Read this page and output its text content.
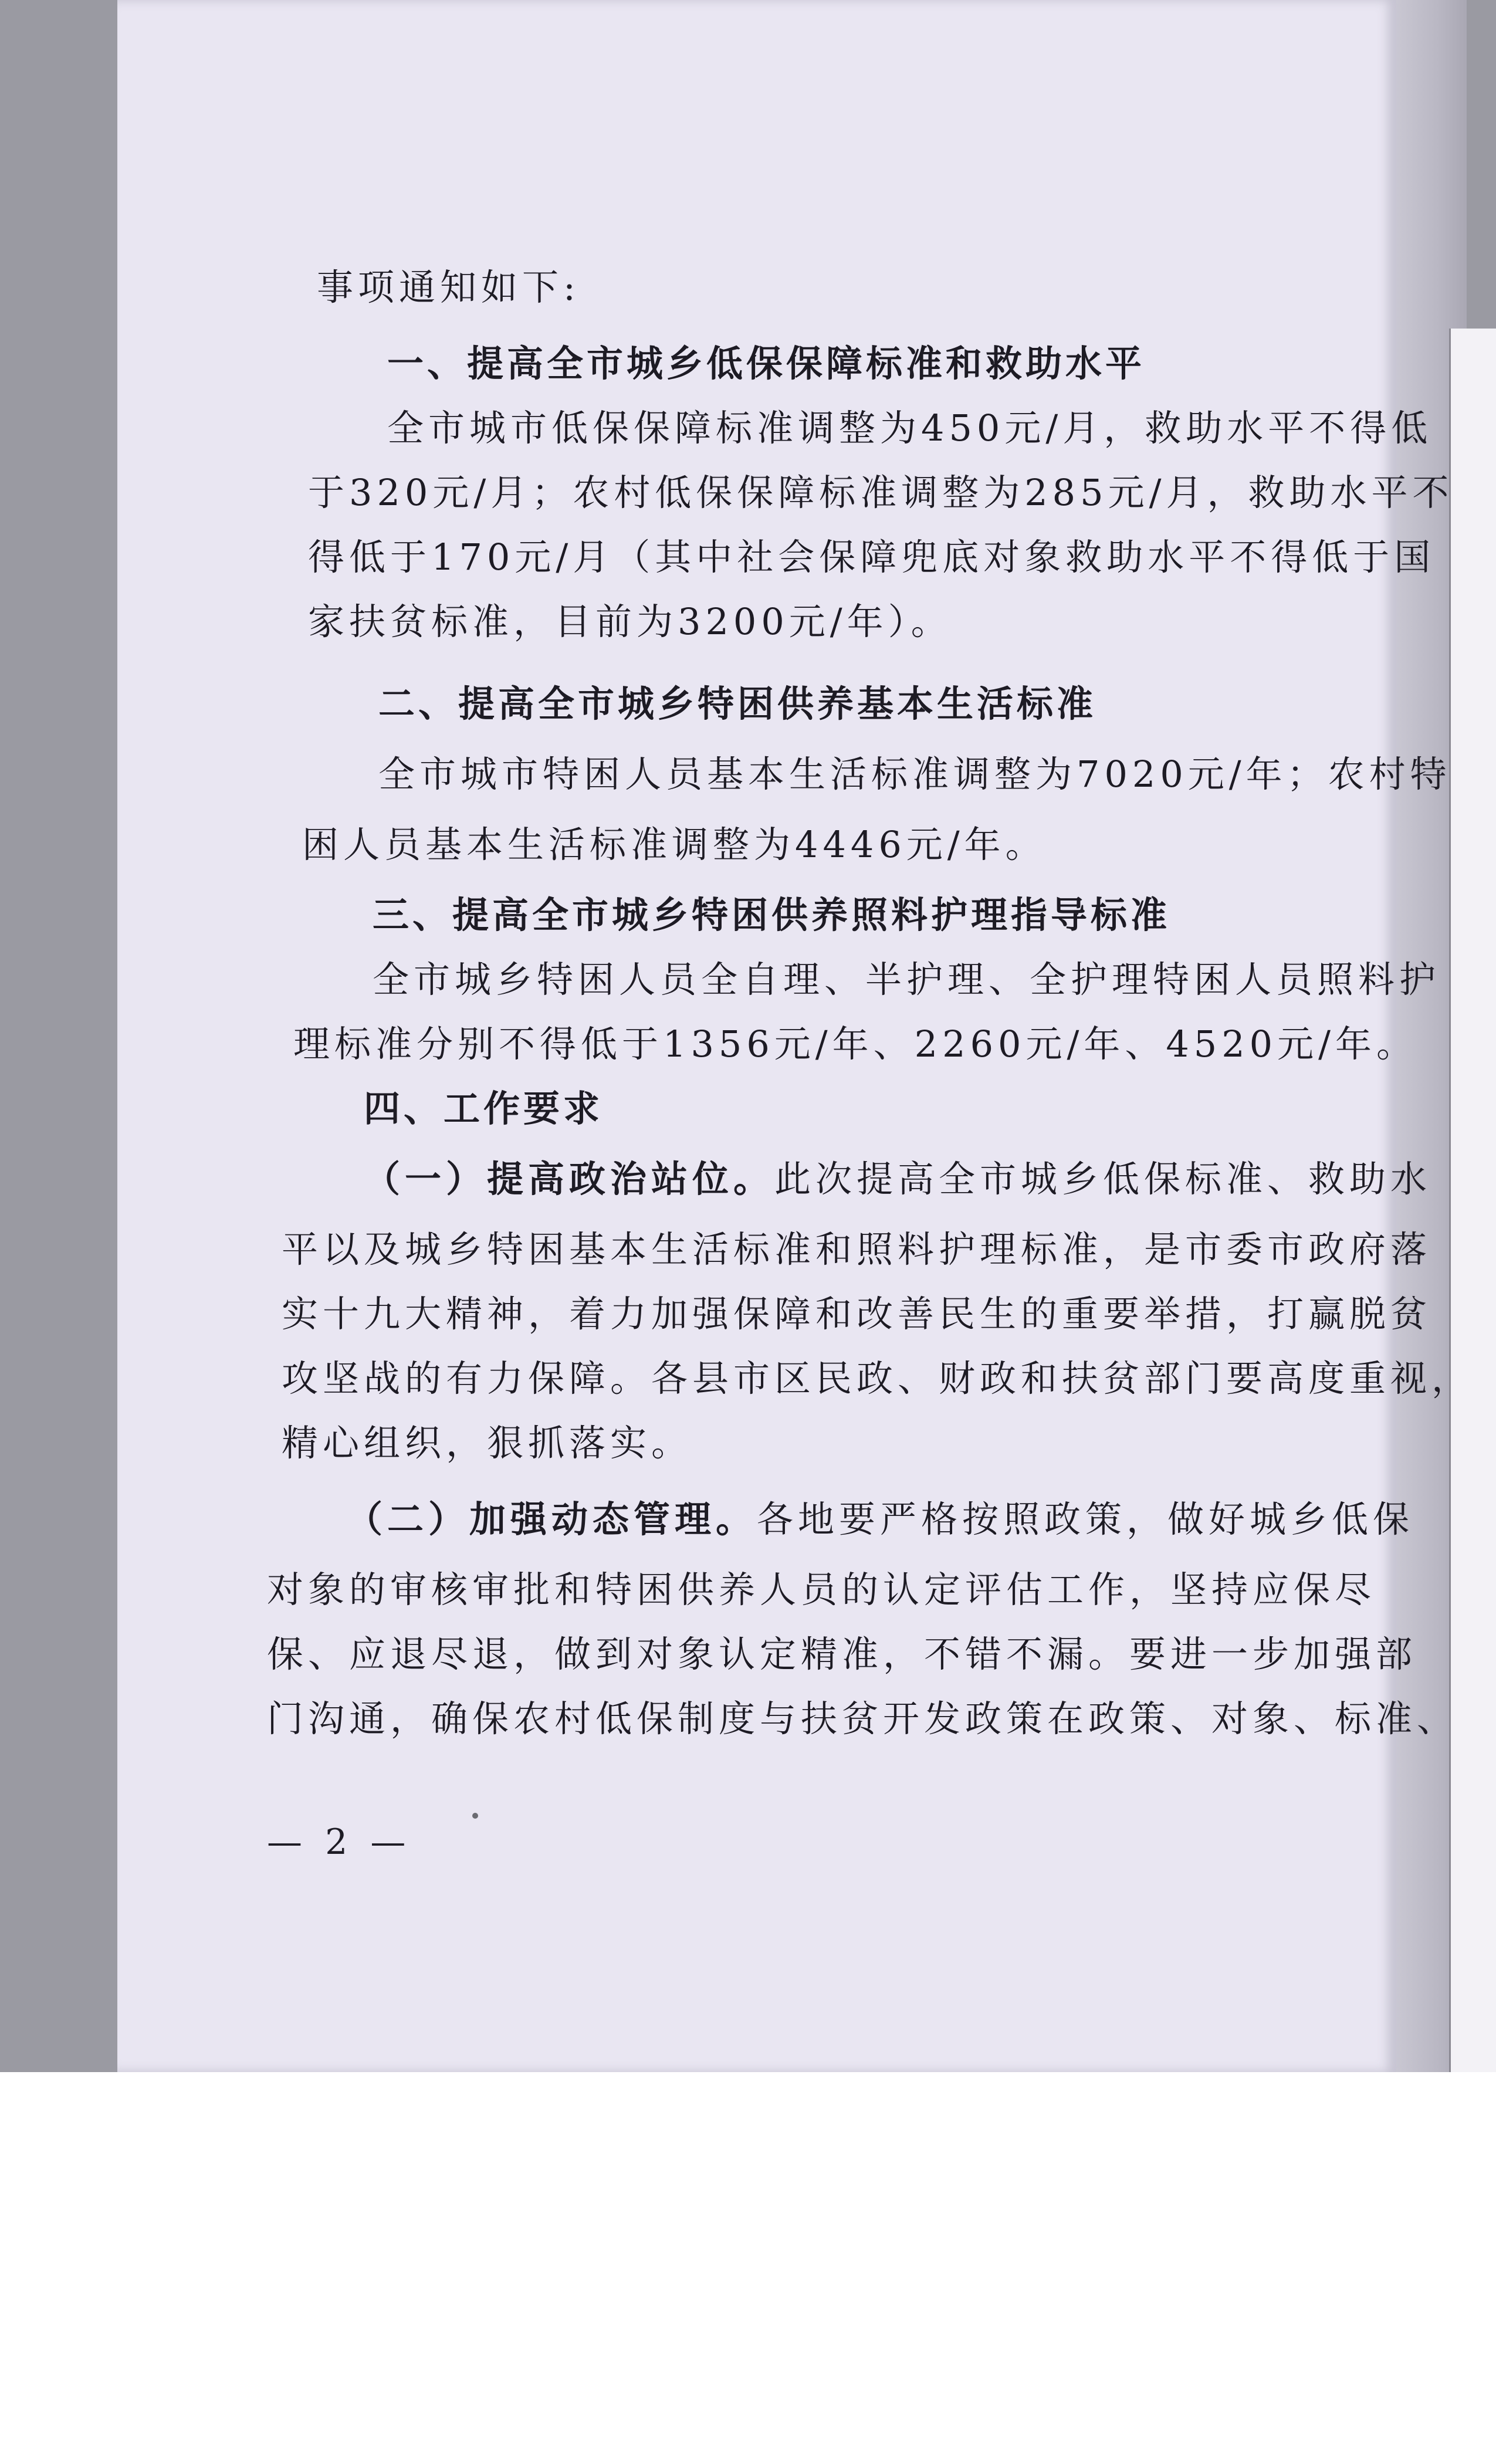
事项通知如下:
一、提高全市城乡低保保障标准和救助水平
全市城市低保保障标准调整为450元/月，救助水平不得低
于320元/月；农村低保保障标准调整为285元/月，救助水平不
得低于170元/月（其中社会保障兜底对象救助水平不得低于国
家扶贫标准，目前为3200元/年）。
二、提高全市城乡特困供养基本生活标准
全市城市特困人员基本生活标准调整为7020元/年；农村特
困人员基本生活标准调整为4446元/年。
三、提高全市城乡特困供养照料护理指导标准
全市城乡特困人员全自理、半护理、全护理特困人员照料护
理标准分别不得低于1356元/年、2260元/年、4520元/年。
四、工作要求
（一）提高政治站位。此次提高全市城乡低保标准、救助水
平以及城乡特困基本生活标准和照料护理标准，是市委市政府落
实十九大精神，着力加强保障和改善民生的重要举措，打赢脱贫
攻坚战的有力保障。各县市区民政、财政和扶贫部门要高度重视，
精心组织，狠抓落实。
（二）加强动态管理。各地要严格按照政策，做好城乡低保
对象的审核审批和特困供养人员的认定评估工作，坚持应保尽
保、应退尽退，做到对象认定精准，不错不漏。要进一步加强部
门沟通，确保农村低保制度与扶贫开发政策在政策、对象、标准、
— 2 —
